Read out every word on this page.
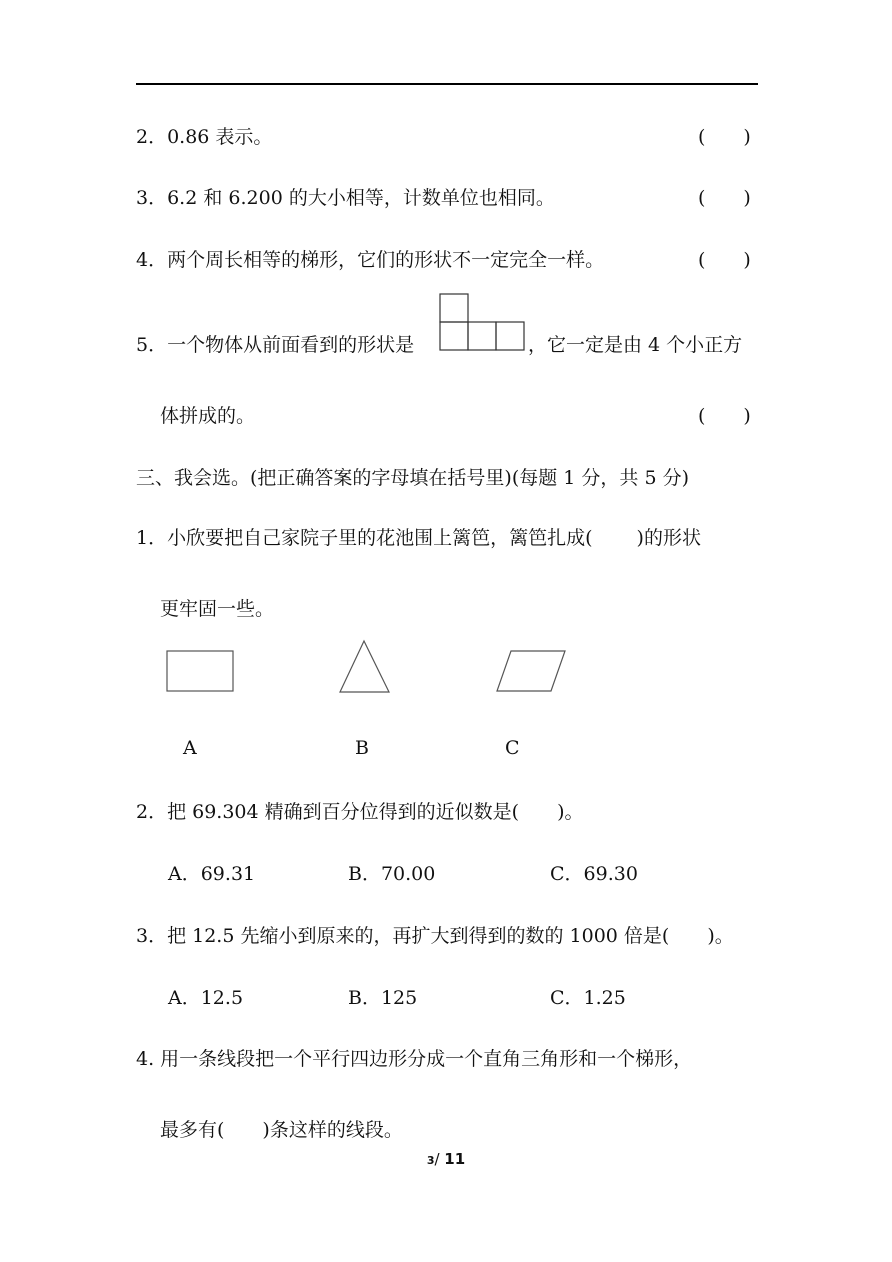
2．0.86 表示。	(　　)
3．6.2 和 6.200 的大小相等，计数单位也相同。	(　　)
4．两个周长相等的梯形，它们的形状不一定完全一样。	(　　)
5．一个物体从前面看到的形状是	，它一定是由 4 个小正方
体拼成的。	(　　)
三、我会选。(把正确答案的字母填在括号里)(每题 1 分，共 5 分)
1．小欣要把自己家院子里的花池围上篱笆，篱笆扎成(　　 )的形状
更牢固一些。
A	B	C
2．把 69.304 精确到百分位得到的近似数是(　　)。
A．69.31	B．70.00	C．69.30
3．把 12.5 先缩小到原来的，再扩大到得到的数的 1000 倍是(　　)。
A．12.5	B．125	C．1.25
4. 用一条线段把一个平行四边形分成一个直角三角形和一个梯形，
最多有(　　)条这样的线段。
3/ 11
